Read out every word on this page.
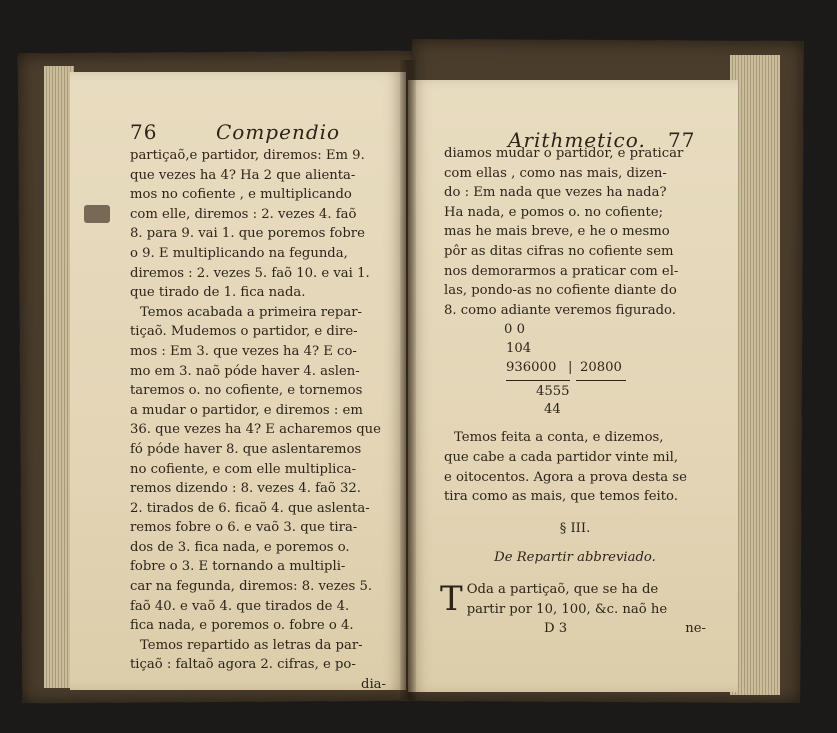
76	Compendio
partiçaõ,e partidor, diremos: Em 9.
que vezes ha 4? Ha 2 que alienta-
mos no cofiente , e multiplicando
com elle, diremos : 2. vezes 4. faõ
8. para 9. vai 1. que poremos fobre
o 9. E multiplicando na fegunda,
diremos : 2. vezes 5. faõ 10. e vai 1.
que tirado de 1. fica nada.
Temos acabada a primeira repar-
tiçaõ. Mudemos o partidor, e dire-
mos : Em 3. que vezes ha 4? E co-
mo em 3. naõ póde haver 4. aslen-
taremos o. no cofiente, e tornemos
a mudar o partidor, e diremos : em
36. que vezes ha 4? E acharemos que
fó póde haver 8. que aslentaremos
no cofiente, e com elle multiplica-
remos dizendo : 8. vezes 4. faõ 32.
2. tirados de 6. ficaõ 4. que aslenta-
remos fobre o 6. e vaõ 3. que tira-
dos de 3. fica nada, e poremos o.
fobre o 3. E tornando a multipli-
car na fegunda, diremos: 8. vezes 5.
faõ 40. e vaõ 4. que tirados de 4.
fica nada, e poremos o. fobre o 4.
Temos repartido as letras da par-
tiçaõ : faltaõ agora 2. cifras, e po-
dia-
Arithmetico. 77
diamos mudar o partidor, e praticar
com ellas , como nas mais, dizen-
do : Em nada que vezes ha nada?
Ha nada, e pomos o. no cofiente;
mas he mais breve, e he o mesmo
pôr as ditas cifras no cofiente sem
nos demorarmos a praticar com el-
las, pondo-as no cofiente diante do
8. como adiante veremos figurado.
0 0
104
936000 | 20800
4555
44
Temos feita a conta, e dizemos,
que cabe a cada partidor vinte mil,
e oitocentos. Agora a prova desta se
tira como as mais, que temos feito.
§ III.
De Repartir abbreviado.
T Oda a partiçaõ, que se ha de
partir por 10, 100, &c. naõ he
D 3	ne-
